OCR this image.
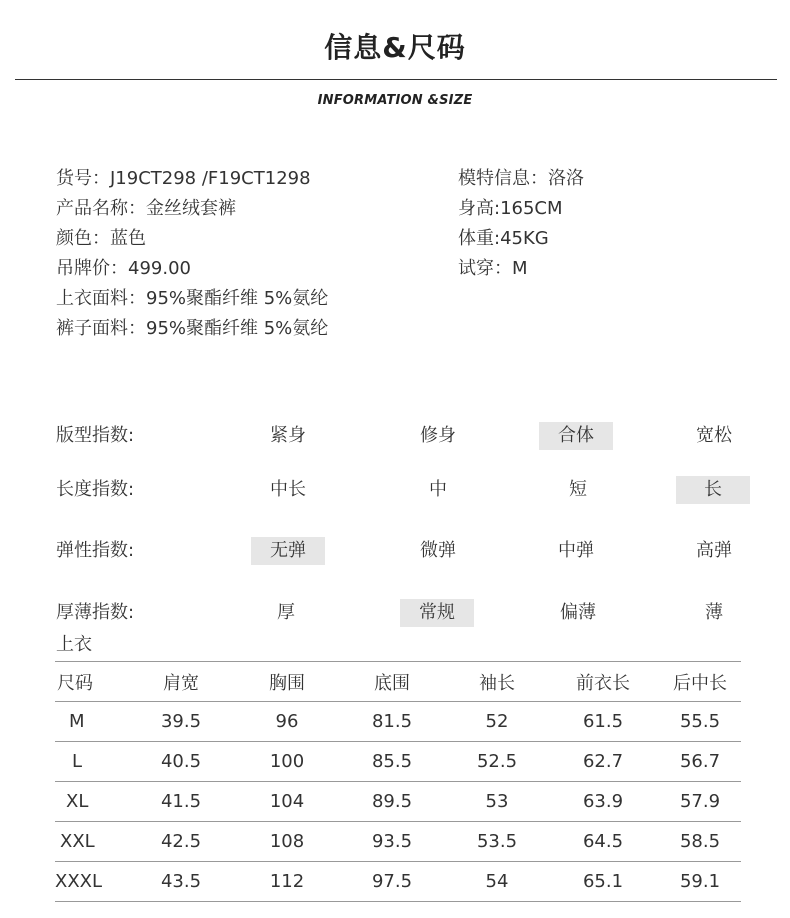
信息&尺码
INFORMATION &SIZE
货号：J19CT298 /F19CT1298
产品名称：金丝绒套裤
颜色：蓝色
吊牌价：499.00
上衣面料：95%聚酯纤维 5%氨纶
裤子面料：95%聚酯纤维 5%氨纶
模特信息：洛洛
身高:165CM
体重:45KG
试穿：M
版型指数:	紧身	修身	合体	宽松
长度指数:	中长	中	短	长
弹性指数:	无弹	微弹	中弹	高弹
厚薄指数:	厚	常规	偏薄	薄
上衣
尺码	肩宽	胸围	底围	袖长	前衣长	后中长
M	39.5	96	81.5	52	61.5	55.5
L	40.5	100	85.5	52.5	62.7	56.7
XL	41.5	104	89.5	53	63.9	57.9
XXL	42.5	108	93.5	53.5	64.5	58.5
XXXL	43.5	112	97.5	54	65.1	59.1
